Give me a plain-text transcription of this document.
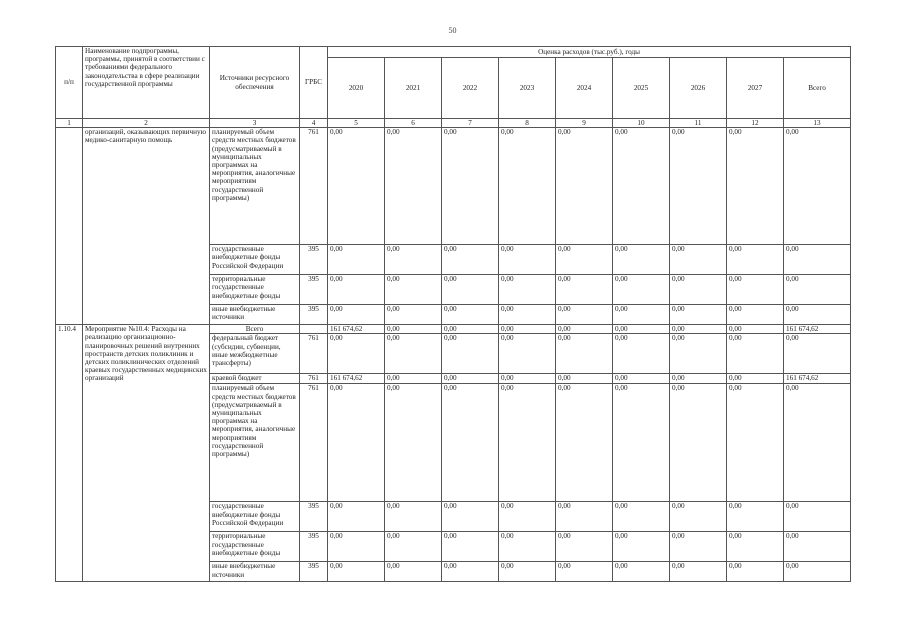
50
п/п	Наименование подпрограммы, программы, принятой в соответствии с требованиями федерального законодательства в сфере реализации государственной программы	Источники ресурсного обеспечения	ГРБС	Оценка расходов (тыс.руб.), годы								
				2020	2021	2022	2023	2024	2025	2026	2027	Всего
1	2	3	4	5	6	7	8	9	10	11	12	13
	организаций, оказывающих первичную медико-санитарную помощь	планируемый объем средств местных бюджетов (предусматриваемый в муниципальных программах на мероприятия, аналогичные мероприятиям государственной программы)	761	0,00	0,00	0,00	0,00	0,00	0,00	0,00	0,00	0,00
		государственные внебюджетные фонды Российской Федерации	395	0,00	0,00	0,00	0,00	0,00	0,00	0,00	0,00	0,00
		территориальные государственные внебюджетные фонды	395	0,00	0,00	0,00	0,00	0,00	0,00	0,00	0,00	0,00
		иные внебюджетные источники	395	0,00	0,00	0,00	0,00	0,00	0,00	0,00	0,00	0,00
1.10.4	Мероприятие №10.4: Расходы на реализацию организационно-планировочных решений внутренних пространств детских поликлиник и детских поликлинических отделений краевых государственных медицинских организаций	Всего		161 674,62	0,00	0,00	0,00	0,00	0,00	0,00	0,00	161 674,62
		федеральный бюджет (субсидии, субвенции, иные межбюджетные трансферты)	761	0,00	0,00	0,00	0,00	0,00	0,00	0,00	0,00	0,00
		краевой бюджет	761	161 674,62	0,00	0,00	0,00	0,00	0,00	0,00	0,00	161 674,62
		планируемый объем средств местных бюджетов (предусматриваемый в муниципальных программах на мероприятия, аналогичные мероприятиям государственной программы)	761	0,00	0,00	0,00	0,00	0,00	0,00	0,00	0,00	0,00
		государственные внебюджетные фонды Российской Федерации	395	0,00	0,00	0,00	0,00	0,00	0,00	0,00	0,00	0,00
		территориальные государственные внебюджетные фонды	395	0,00	0,00	0,00	0,00	0,00	0,00	0,00	0,00	0,00
		иные внебюджетные источники	395	0,00	0,00	0,00	0,00	0,00	0,00	0,00	0,00	0,00
